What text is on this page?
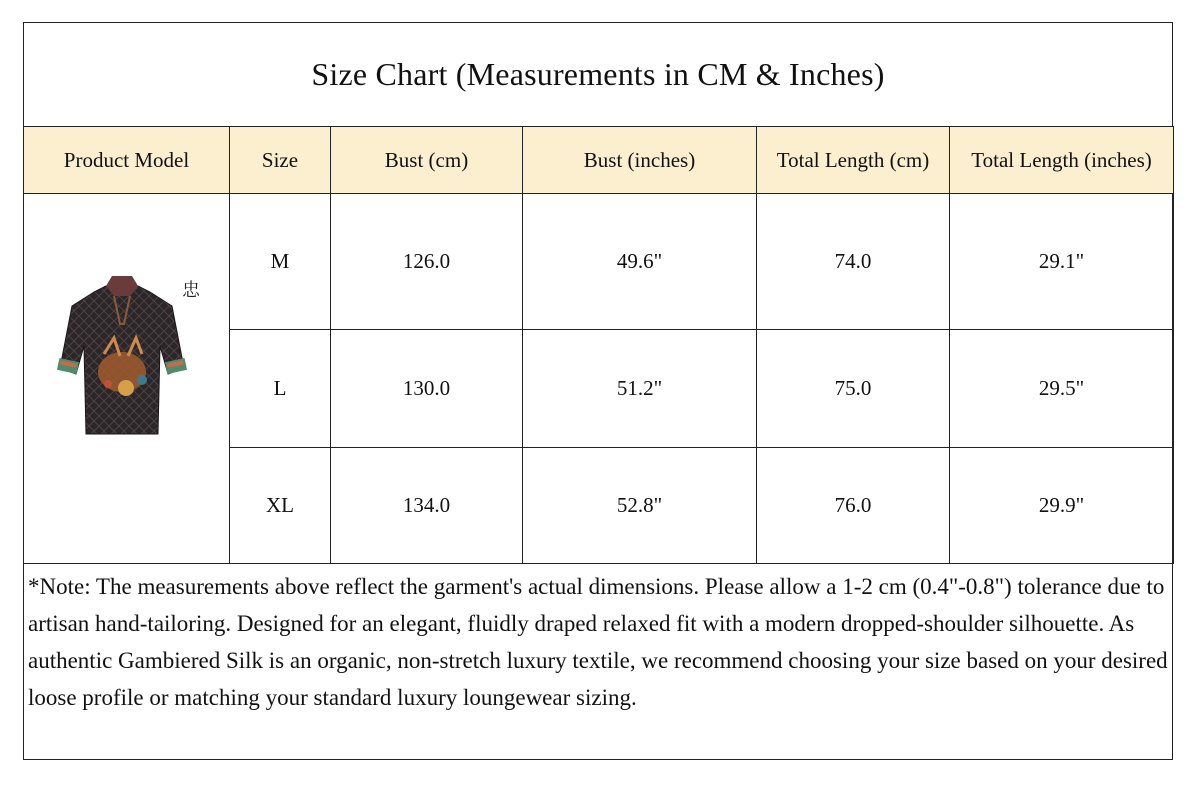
Size Chart (Measurements in CM & Inches)
Product Model	Size	Bust (cm)	Bust (inches)	Total Length (cm)	Total Length (inches)

忠	M	126.0	49.6"	74.0	29.1"
	L	130.0	51.2"	75.0	29.5"
	XL	134.0	52.8"	76.0	29.9"
*Note: The measurements above reflect the garment's actual dimensions. Please allow a 1-2 cm (0.4"-0.8") tolerance due to artisan hand-tailoring. Designed for an elegant, fluidly draped relaxed fit with a modern dropped-shoulder silhouette. As authentic Gambiered Silk is an organic, non-stretch luxury textile, we recommend choosing your size based on your desired loose profile or matching your standard luxury loungewear sizing.
